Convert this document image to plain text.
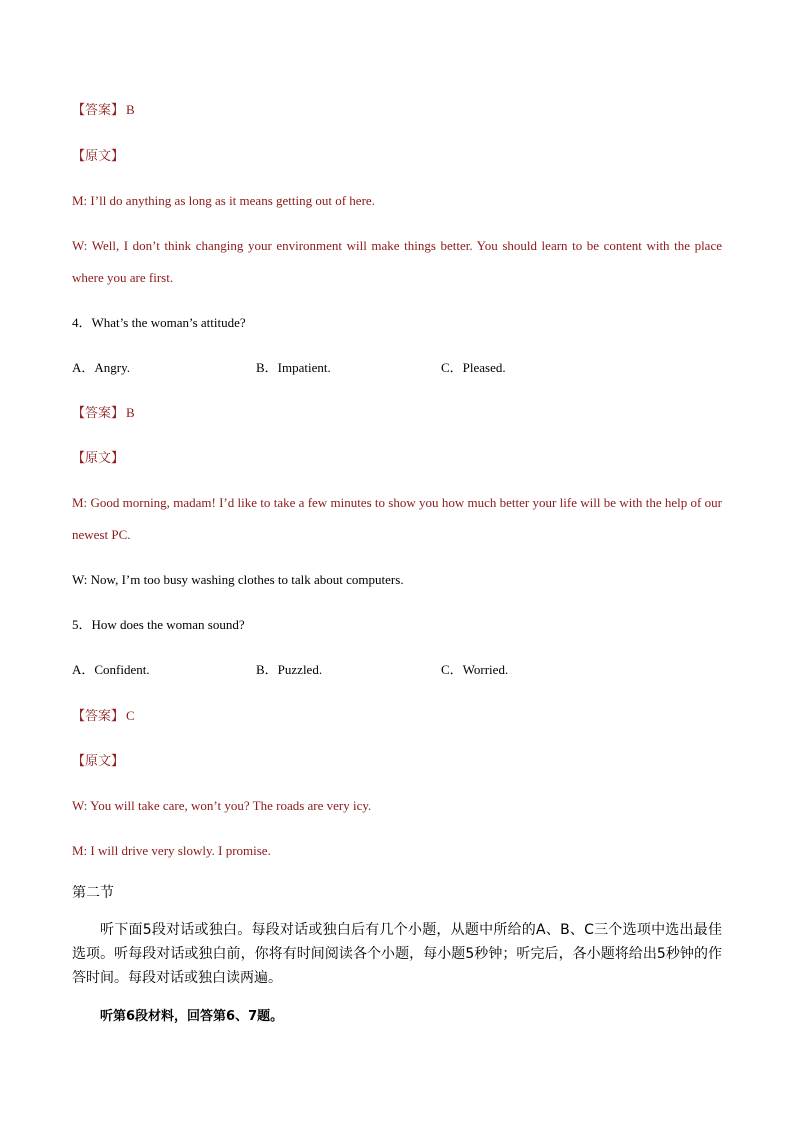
【答案】 B
【原文】
M: I’ll do anything as long as it means getting out of here.
W: Well, I don’t think changing your environment will make things better. You should learn to be content with the place where you are first.
4．What’s the woman’s attitude?
A．Angry.	B．Impatient.	C．Pleased.
【答案】 B
【原文】
M: Good morning, madam! I’d like to take a few minutes to show you how much better your life will be with the help of our newest PC.
W: Now, I’m too busy washing clothes to talk about computers.
5．How does the woman sound?
A．Confident.	B．Puzzled.	C．Worried.
【答案】 C
【原文】
W: You will take care, won’t you? The roads are very icy.
M: I will drive very slowly. I promise.
第二节
听下面5段对话或独白。每段对话或独白后有几个小题，从题中所给的A、B、C三个选项中选出最佳选项。听每段对话或独白前，你将有时间阅读各个小题，每小题5秒钟；听完后，各小题将给出5秒钟的作答时间。每段对话或独白读两遍。
听第6段材料，回答第6、7题。
